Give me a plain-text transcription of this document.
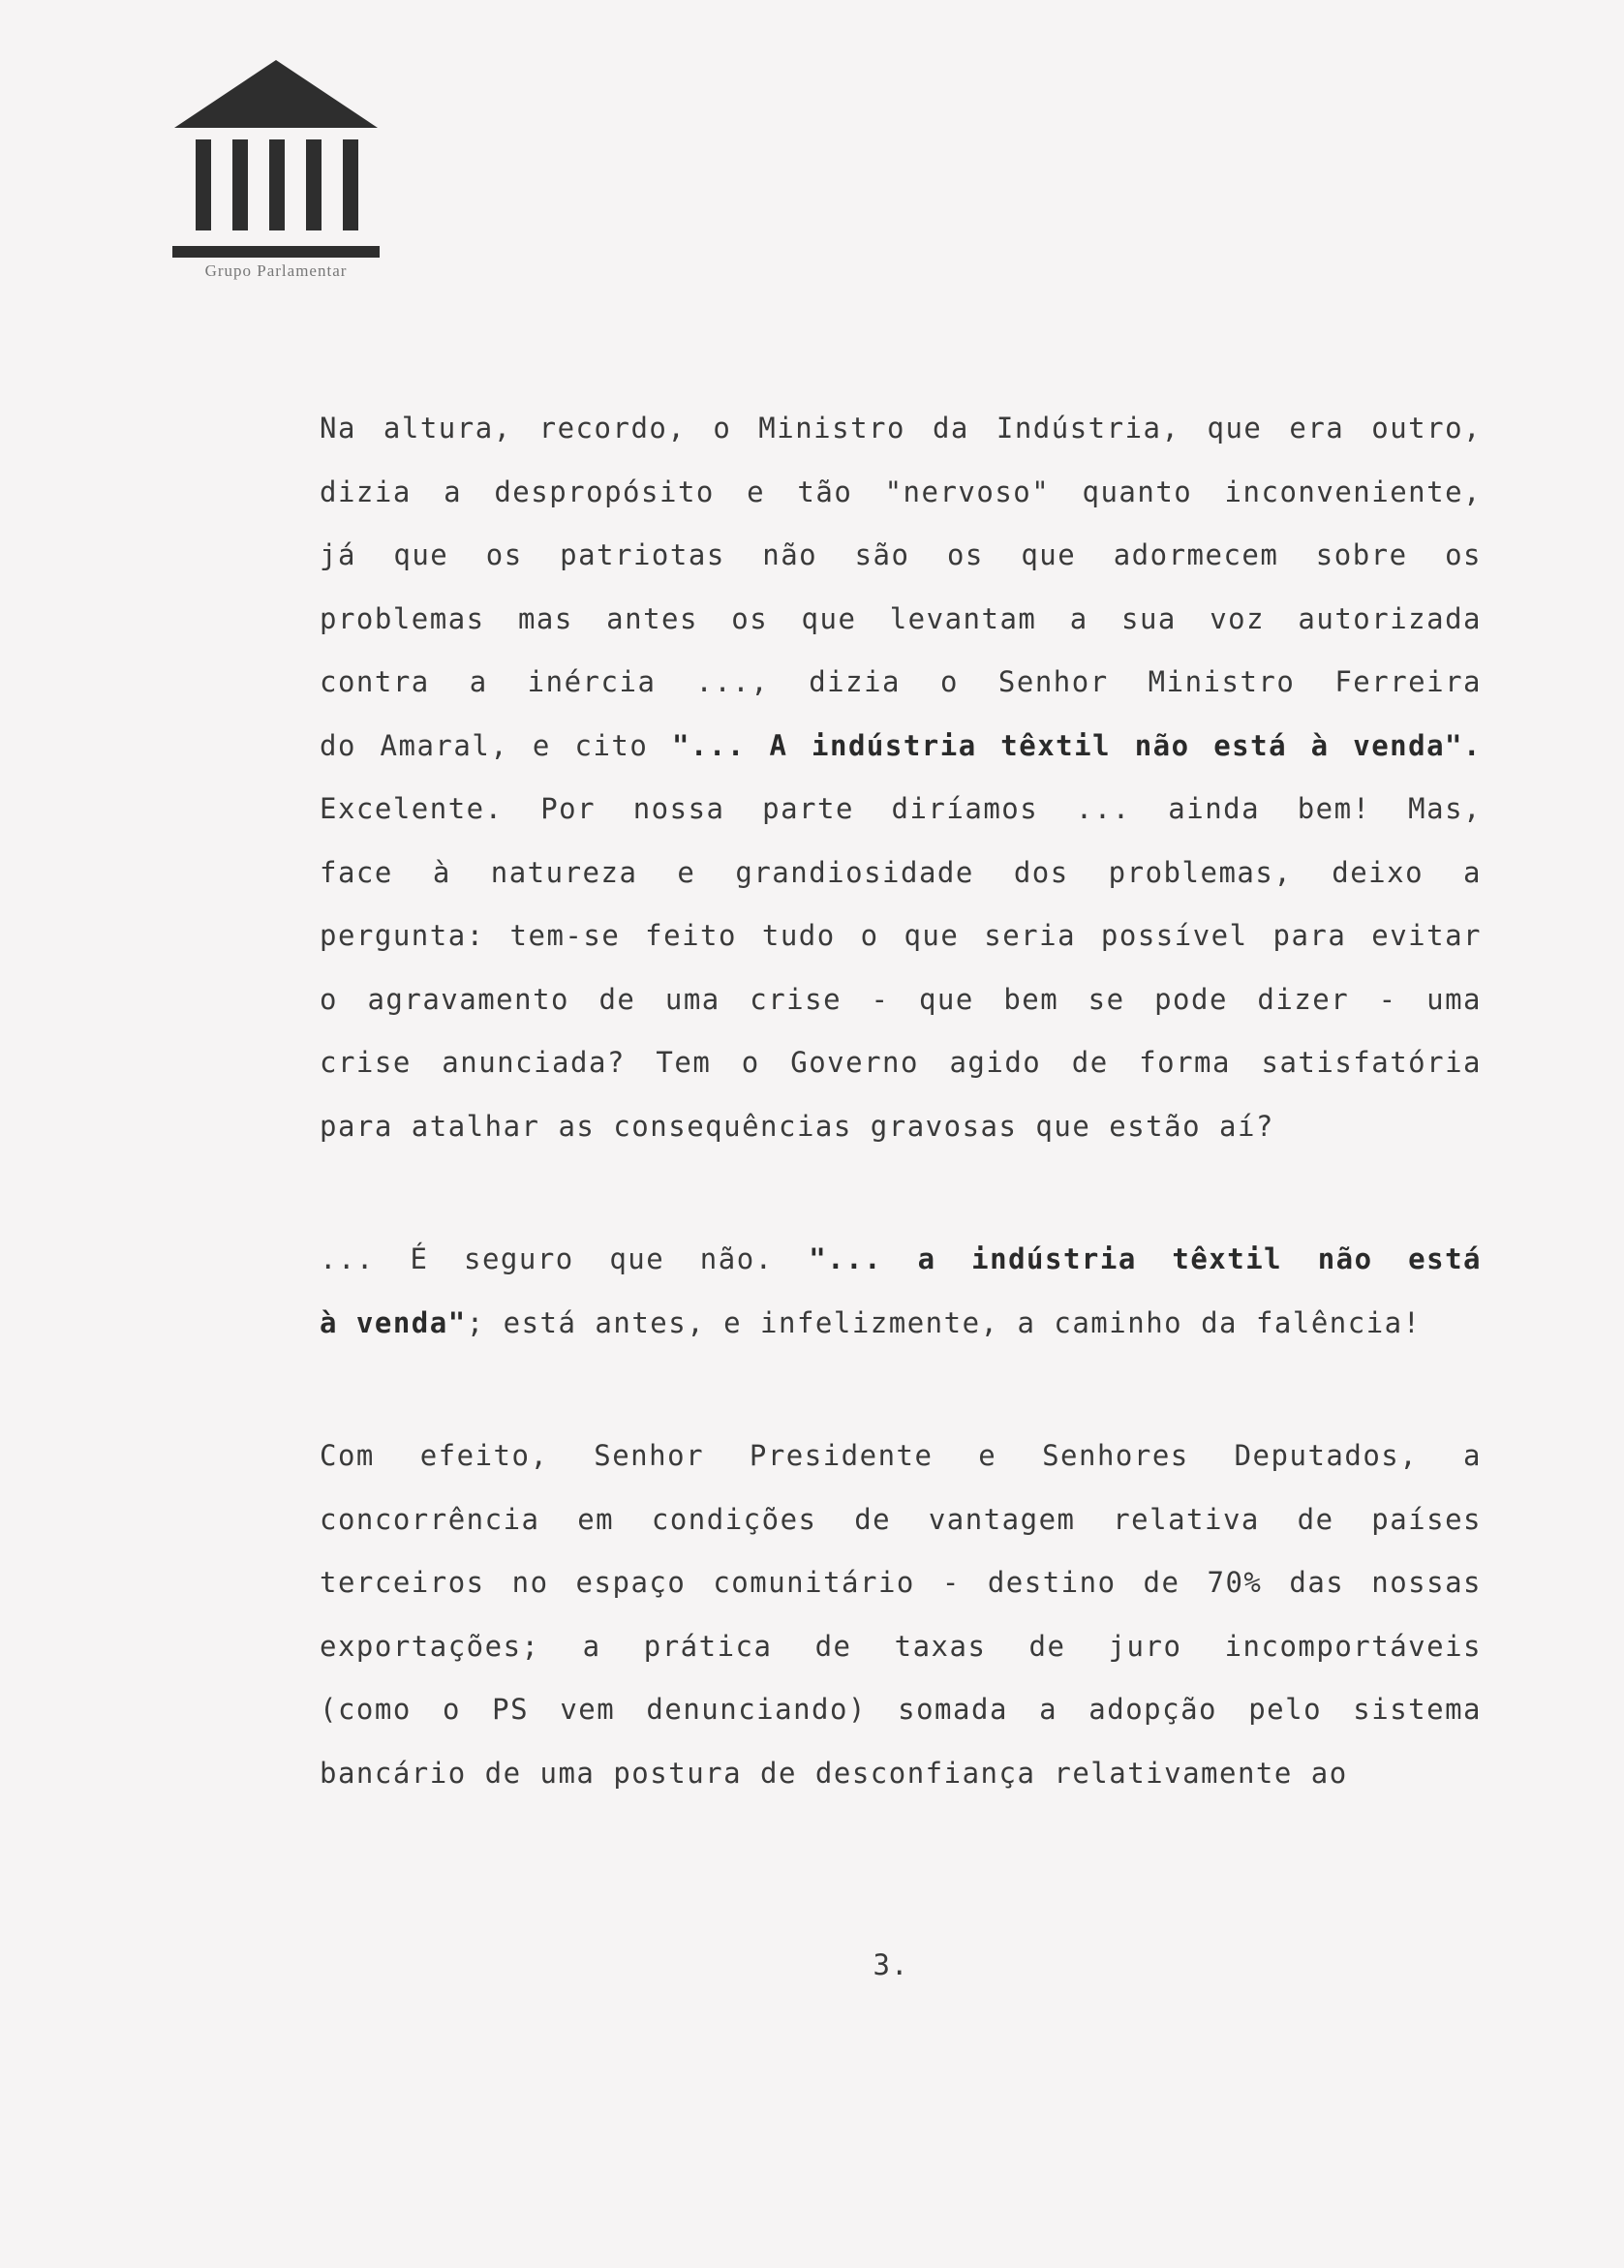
Grupo Parlamentar
Na altura, recordo, o Ministro da Indústria, que era outro,
dizia a despropósito e tão "nervoso" quanto inconveniente,
já que os patriotas não são os que adormecem sobre os
problemas mas antes os que levantam a sua voz autorizada
contra a inércia ..., dizia o Senhor Ministro Ferreira
do Amaral, e cito "... A indústria têxtil não está à venda".
Excelente. Por nossa parte diríamos ... ainda bem! Mas,
face à natureza e grandiosidade dos problemas, deixo a
pergunta: tem-se feito tudo o que seria possível para evitar
o agravamento de uma crise - que bem se pode dizer - uma
crise anunciada? Tem o Governo agido de forma satisfatória
para atalhar as consequências gravosas que estão aí?
... É seguro que não. "... a indústria têxtil não está
à venda"; está antes, e infelizmente, a caminho da falência!
Com efeito, Senhor Presidente e Senhores Deputados, a
concorrência em condições de vantagem relativa de países
terceiros no espaço comunitário - destino de 70% das nossas
exportações; a prática de taxas de juro incomportáveis
(como o PS vem denunciando) somada a adopção pelo sistema
bancário de uma postura de desconfiança relativamente ao
3.
